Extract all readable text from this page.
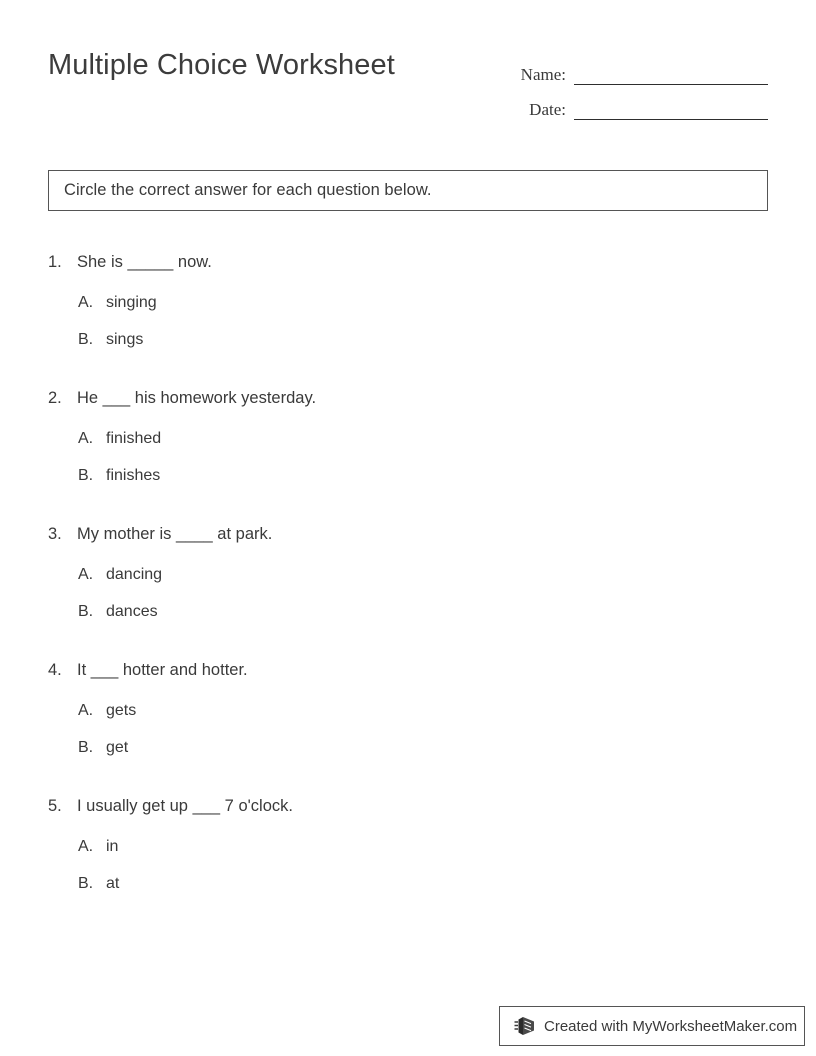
Multiple Choice Worksheet	Name:
Date:
Circle the correct answer for each question below.
1. She is _____ now.
A. singing
B. sings
2. He ___ his homework yesterday.
A. finished
B. finishes
3. My mother is ____ at park.
A. dancing
B. dances
4. It ___ hotter and hotter.
A. gets
B. get
5. I usually get up ___ 7 o'clock.
A. in
B. at
Created with MyWorksheetMaker.com
